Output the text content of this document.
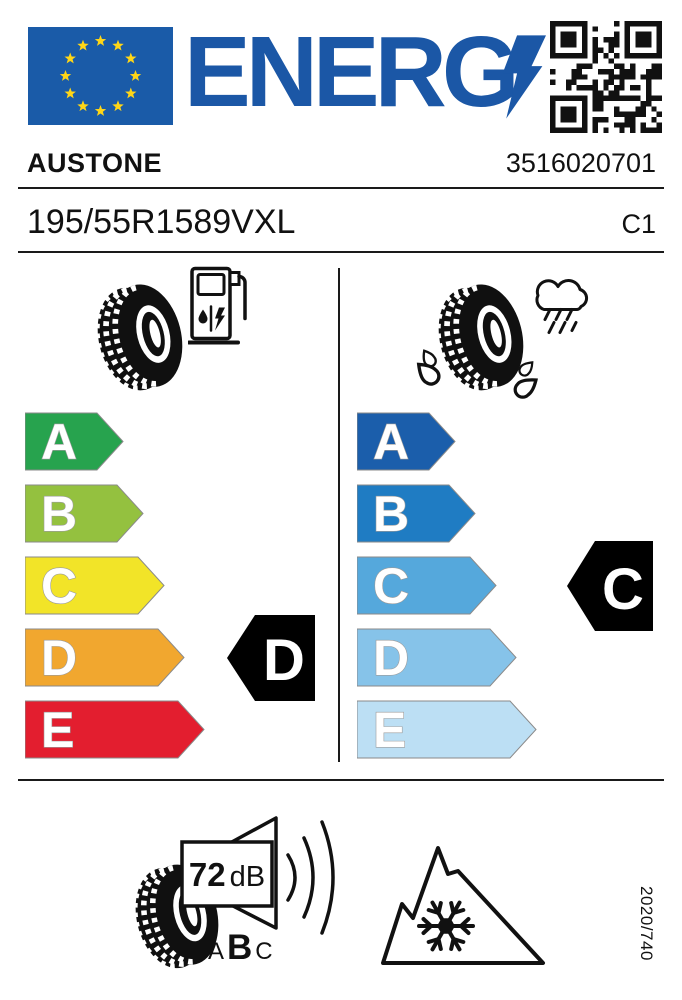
ENERG
AUSTONE	3516020701
195/55R1589VXL	C1
A
B
C
D
E
D
A
B
C
D
E
C
72 dB
A B C	2020/740
